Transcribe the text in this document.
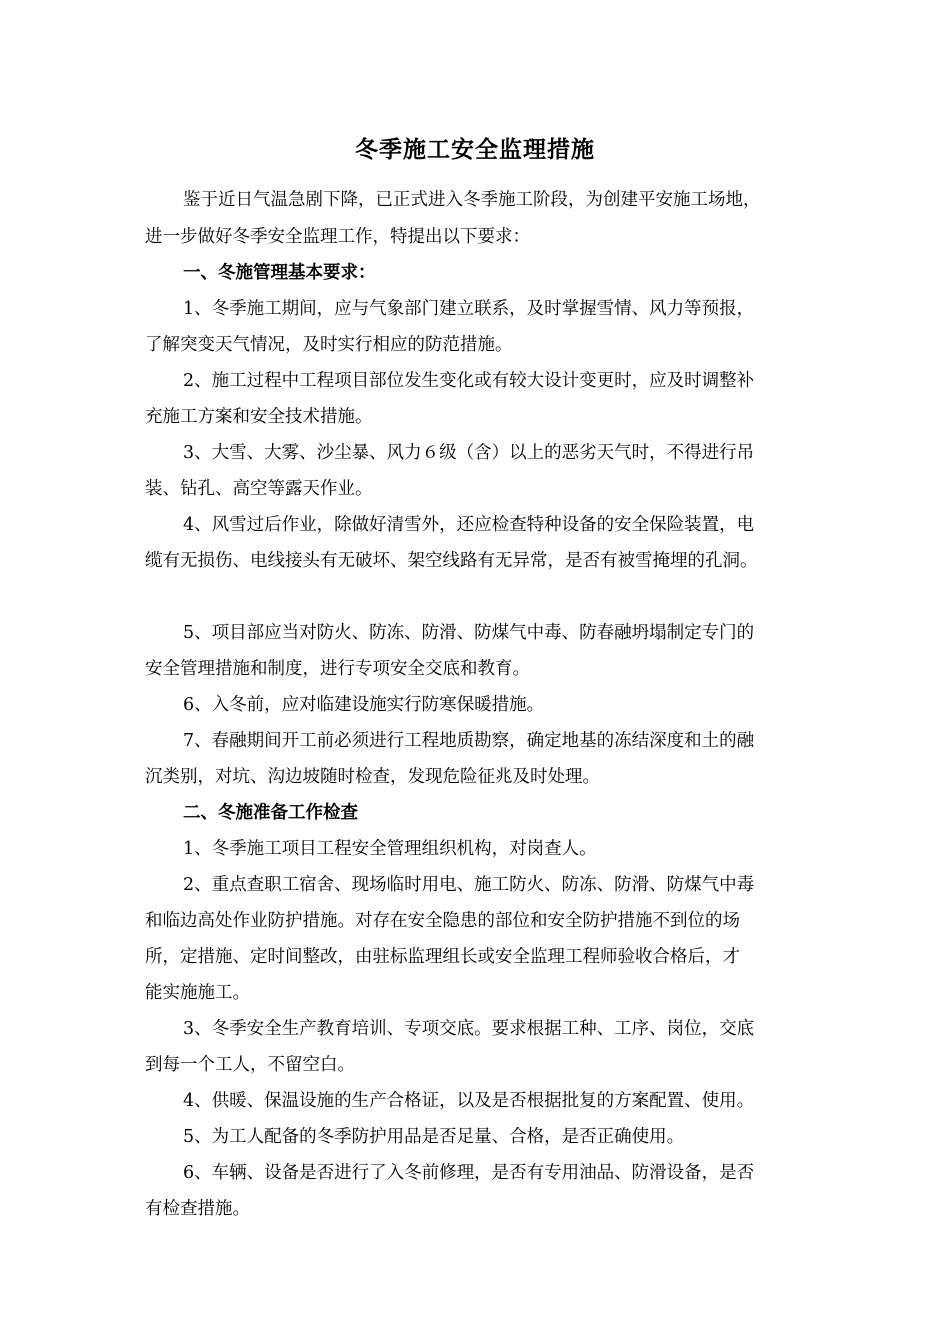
冬季施工安全监理措施
鉴于近日气温急剧下降，已正式进入冬季施工阶段，为创建平安施工场地，
进一步做好冬季安全监理工作，特提出以下要求：
一、冬施管理基本要求：
1、冬季施工期间，应与气象部门建立联系，及时掌握雪情、风力等预报，
了解突变天气情况，及时实行相应的防范措施。
2、施工过程中工程项目部位发生变化或有较大设计变更时，应及时调整补
充施工方案和安全技术措施。
3、大雪、大雾、沙尘暴、风力６级（含）以上的恶劣天气时，不得进行吊
装、钻孔、高空等露天作业。
4、风雪过后作业，除做好清雪外，还应检查特种设备的安全保险装置，电
缆有无损伤、电线接头有无破坏、架空线路有无异常，是否有被雪掩埋的孔洞。
5、项目部应当对防火、防冻、防滑、防煤气中毒、防春融坍塌制定专门的
安全管理措施和制度，进行专项安全交底和教育。
6、入冬前，应对临建设施实行防寒保暖措施。
7、春融期间开工前必须进行工程地质勘察，确定地基的冻结深度和土的融
沉类别，对坑、沟边坡随时检查，发现危险征兆及时处理。
二、冬施准备工作检查
1、冬季施工项目工程安全管理组织机构，对岗查人。
2、重点查职工宿舍、现场临时用电、施工防火、防冻、防滑、防煤气中毒
和临边高处作业防护措施。对存在安全隐患的部位和安全防护措施不到位的场
所，定措施、定时间整改，由驻标监理组长或安全监理工程师验收合格后，才
能实施施工。
3、冬季安全生产教育培训、专项交底。要求根据工种、工序、岗位，交底
到每一个工人，不留空白。
4、供暖、保温设施的生产合格证，以及是否根据批复的方案配置、使用。
5、为工人配备的冬季防护用品是否足量、合格，是否正确使用。
6、车辆、设备是否进行了入冬前修理，是否有专用油品、防滑设备，是否
有检查措施。
